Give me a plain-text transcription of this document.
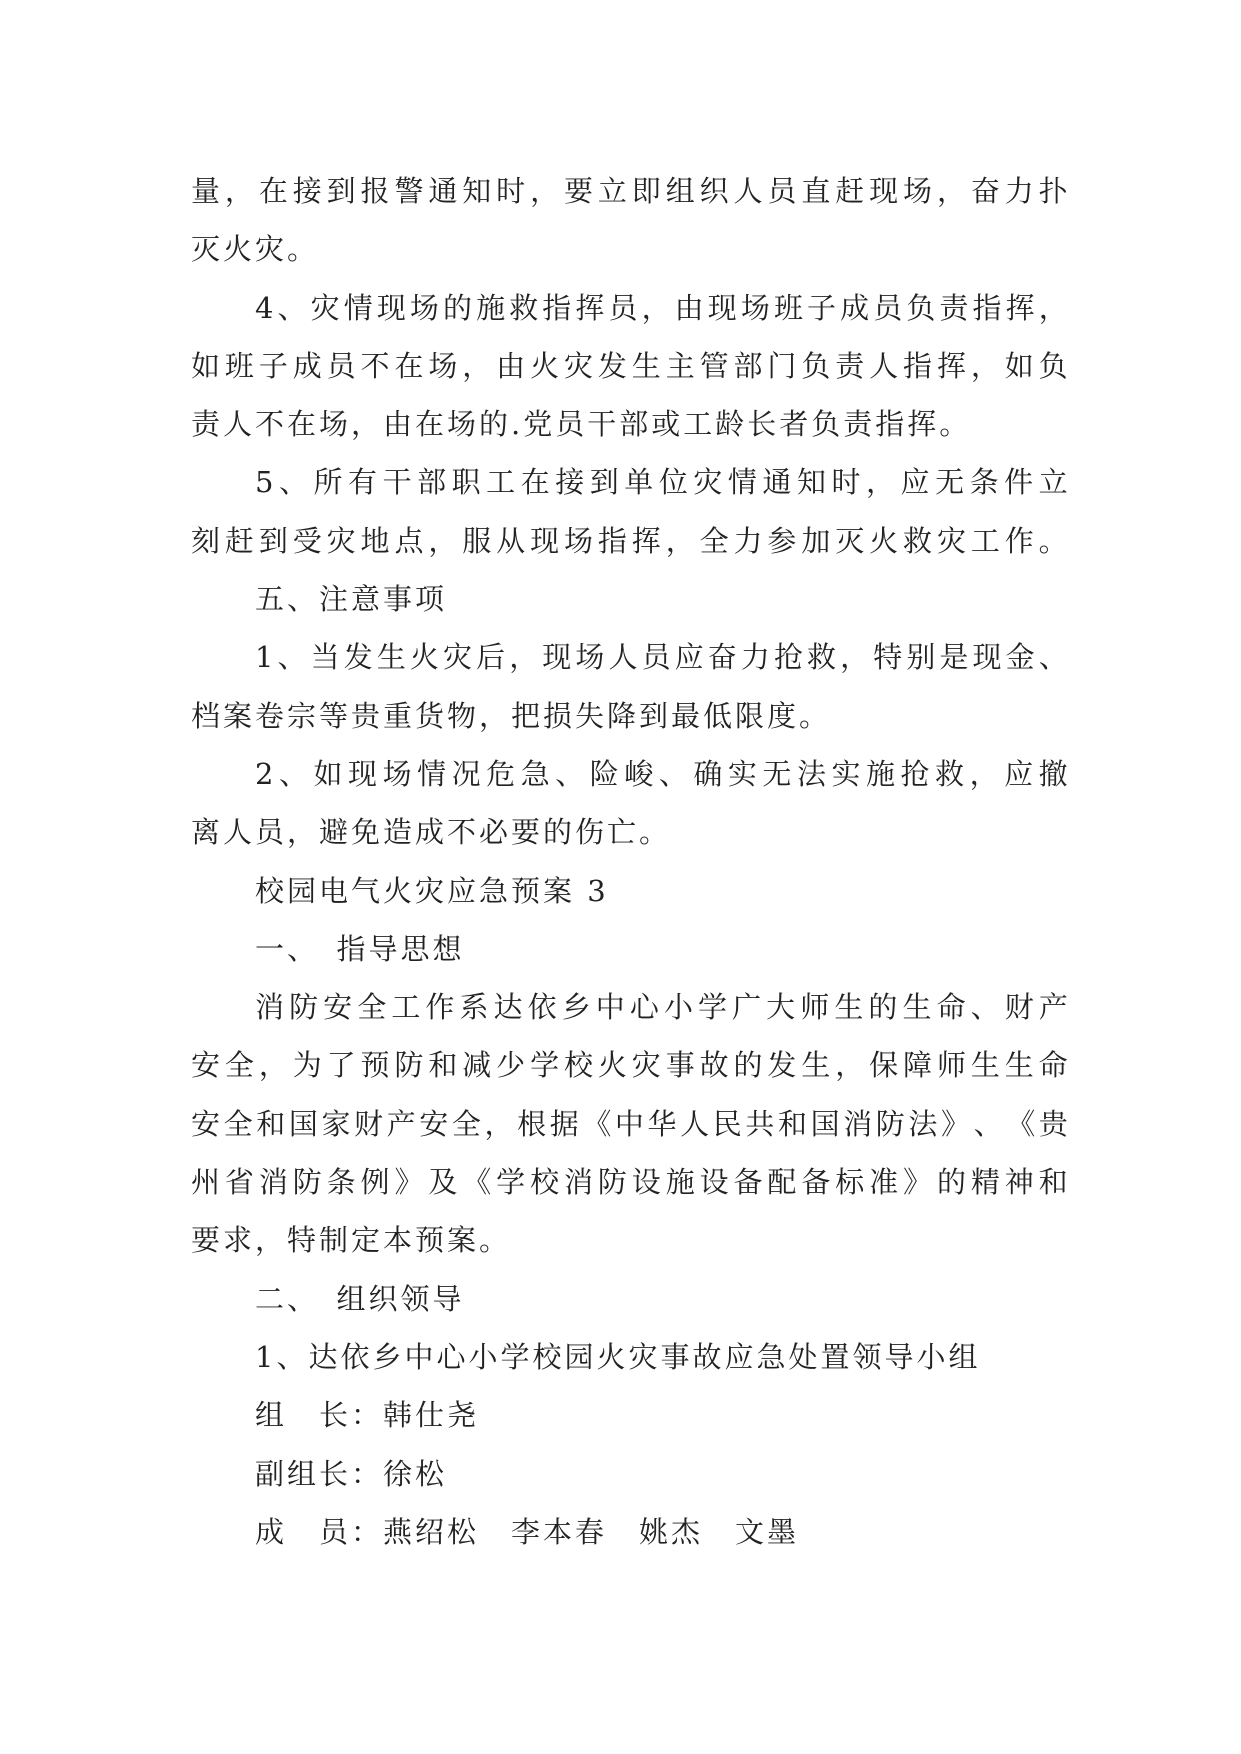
量 ， 在 接 到 报 警 通 知 时 ， 要 立 即 组 织 人 员 直 赶 现 场 ， 奋 力 扑
灭火灾。
4 、 灾 情 现 场 的 施 救 指 挥 员 ， 由 现 场 班 子 成 员 负 责 指 挥 ，
如 班 子 成 员 不 在 场 ， 由 火 灾 发 生 主 管 部 门 负 责 人 指 挥 ， 如 负
责人不在场，由在场的.党员干部或工龄长者负责指挥。
5 、 所 有 干 部 职 工 在 接 到 单 位 灾 情 通 知 时 ， 应 无 条 件 立
刻 赶 到 受 灾 地 点 ， 服 从 现 场 指 挥 ， 全 力 参 加 灭 火 救 灾 工 作 。
五、注意事项
1 、 当 发 生 火 灾 后 ， 现 场 人 员 应 奋 力 抢 救 ， 特 别 是 现 金 、
档案卷宗等贵重货物，把损失降到最低限度。
2 、 如 现 场 情 况 危 急 、 险 峻 、 确 实 无 法 实 施 抢 救 ， 应 撤
离人员，避免造成不必要的伤亡。
校园电气火灾应急预案 3
一、　指导思想
消 防 安 全 工 作 系 达 依 乡 中 心 小 学 广 大 师 生 的 生 命 、 财 产
安 全 ， 为 了 预 防 和 减 少 学 校 火 灾 事 故 的 发 生 ， 保 障 师 生 生 命
安 全 和 国 家 财 产 安 全 ， 根 据 《 中 华 人 民 共 和 国 消 防 法 》 、 《 贵
州 省 消 防 条 例 》 及 《 学 校 消 防 设 施 设 备 配 备 标 准 》 的 精 神 和
要求，特制定本预案。
二、　组织领导
1、达依乡中心小学校园火灾事故应急处置领导小组
组　长：韩仕尧
副组长：徐松
成　员：燕绍松　李本春　姚杰　文墨
